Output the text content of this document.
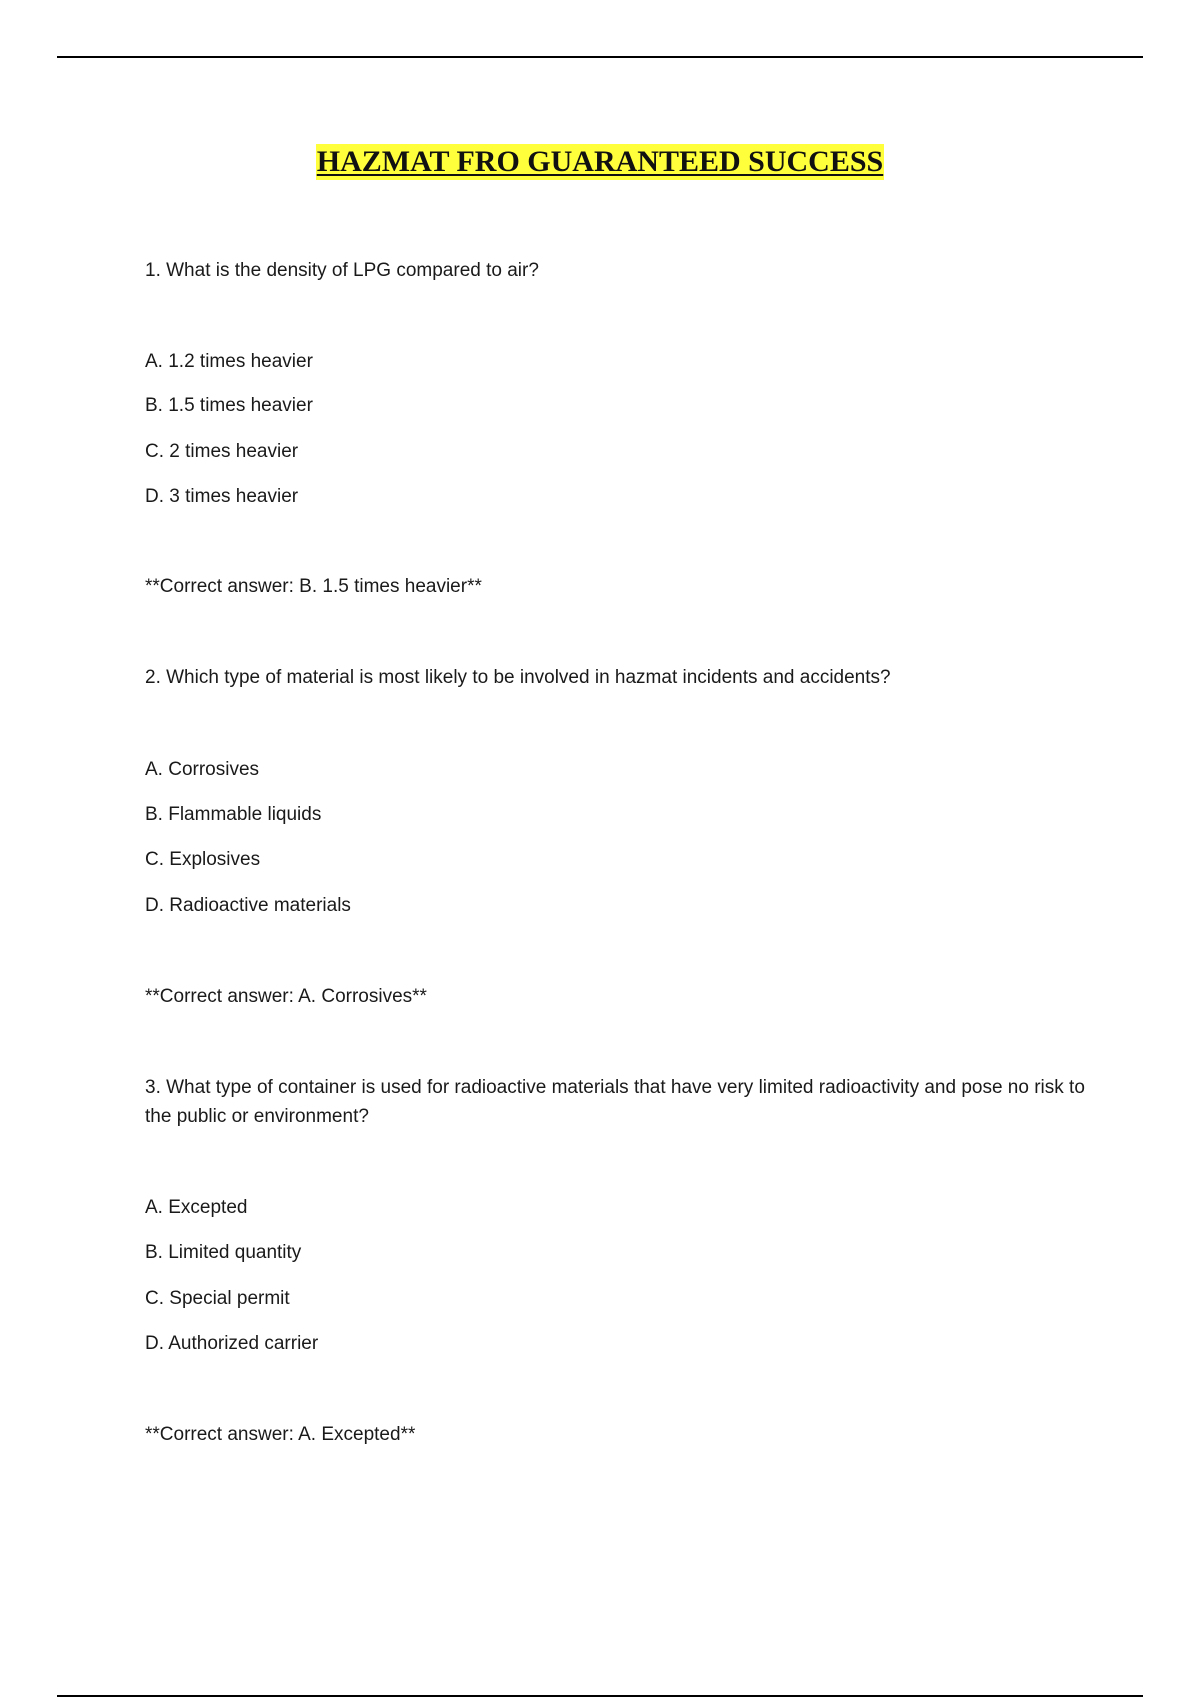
HAZMAT FRO GUARANTEED SUCCESS
1. What is the density of LPG compared to air?
A. 1.2 times heavier
B. 1.5 times heavier
C. 2 times heavier
D. 3 times heavier
**Correct answer: B. 1.5 times heavier**
2. Which type of material is most likely to be involved in hazmat incidents and accidents?
A. Corrosives
B. Flammable liquids
C. Explosives
D. Radioactive materials
**Correct answer: A. Corrosives**
3. What type of container is used for radioactive materials that have very limited radioactivity and pose no risk to the public or environment?
A. Excepted
B. Limited quantity
C. Special permit
D. Authorized carrier
**Correct answer: A. Excepted**
